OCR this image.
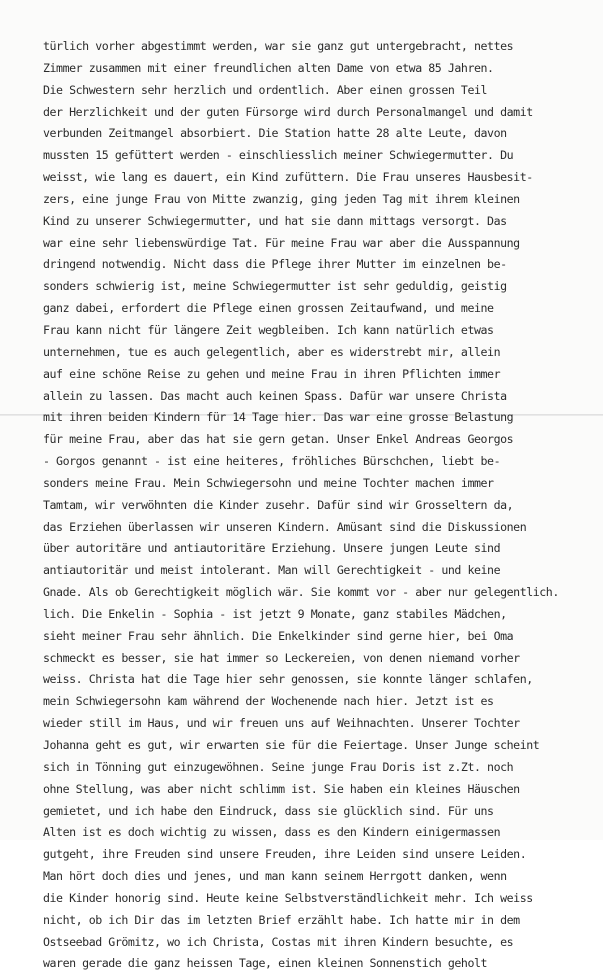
türlich vorher abgestimmt werden, war sie ganz gut untergebracht, nettes
Zimmer zusammen mit einer freundlichen alten Dame von etwa 85 Jahren.
Die Schwestern sehr herzlich und ordentlich. Aber einen grossen Teil
der Herzlichkeit und der guten Fürsorge wird durch Personalmangel und damit
verbunden Zeitmangel absorbiert. Die Station hatte 28 alte Leute, davon
mussten 15 gefüttert werden - einschliesslich meiner Schwiegermutter. Du
weisst, wie lang es dauert, ein Kind zufüttern. Die Frau unseres Hausbesit-
zers, eine junge Frau von Mitte zwanzig, ging jeden Tag mit ihrem kleinen
Kind zu unserer Schwiegermutter, und hat sie dann mittags versorgt. Das
war eine sehr liebenswürdige Tat. Für meine Frau war aber die Ausspannung
dringend notwendig. Nicht dass die Pflege ihrer Mutter im einzelnen be-
sonders schwierig ist, meine Schwiegermutter ist sehr geduldig, geistig
ganz dabei, erfordert die Pflege einen grossen Zeitaufwand, und meine
Frau kann nicht für längere Zeit wegbleiben. Ich kann natürlich etwas
unternehmen, tue es auch gelegentlich, aber es widerstrebt mir, allein
auf eine schöne Reise zu gehen und meine Frau in ihren Pflichten immer
allein zu lassen. Das macht auch keinen Spass. Dafür war unsere Christa
mit ihren beiden Kindern für 14 Tage hier. Das war eine grosse Belastung
für meine Frau, aber das hat sie gern getan. Unser Enkel Andreas Georgos
- Gorgos genannt - ist eine heiteres, fröhliches Bürschchen, liebt be-
sonders meine Frau. Mein Schwiegersohn und meine Tochter machen immer
Tamtam, wir verwöhnten die Kinder zusehr. Dafür sind wir Grosseltern da,
das Erziehen überlassen wir unseren Kindern. Amüsant sind die Diskussionen
über autoritäre und antiautoritäre Erziehung. Unsere jungen Leute sind
antiautoritär und meist intolerant. Man will Gerechtigkeit - und keine
Gnade. Als ob Gerechtigkeit möglich wär. Sie kommt vor - aber nur gelegentlich.
lich. Die Enkelin - Sophia - ist jetzt 9 Monate, ganz stabiles Mädchen,
sieht meiner Frau sehr ähnlich. Die Enkelkinder sind gerne hier, bei Oma
schmeckt es besser, sie hat immer so Leckereien, von denen niemand vorher
weiss. Christa hat die Tage hier sehr genossen, sie konnte länger schlafen,
mein Schwiegersohn kam während der Wochenende nach hier. Jetzt ist es
wieder still im Haus, und wir freuen uns auf Weihnachten. Unserer Tochter
Johanna geht es gut, wir erwarten sie für die Feiertage. Unser Junge scheint
sich in Tönning gut einzugewöhnen. Seine junge Frau Doris ist z.Zt. noch
ohne Stellung, was aber nicht schlimm ist. Sie haben ein kleines Häuschen
gemietet, und ich habe den Eindruck, dass sie glücklich sind. Für uns
Alten ist es doch wichtig zu wissen, dass es den Kindern einigermassen
gutgeht, ihre Freuden sind unsere Freuden, ihre Leiden sind unsere Leiden.
Man hört doch dies und jenes, und man kann seinem Herrgott danken, wenn
die Kinder honorig sind. Heute keine Selbstverständlichkeit mehr. Ich weiss
nicht, ob ich Dir das im letzten Brief erzählt habe. Ich hatte mir in dem
Ostseebad Grömitz, wo ich Christa, Costas mit ihren Kindern besuchte, es
waren gerade die ganz heissen Tage, einen kleinen Sonnenstich geholt
